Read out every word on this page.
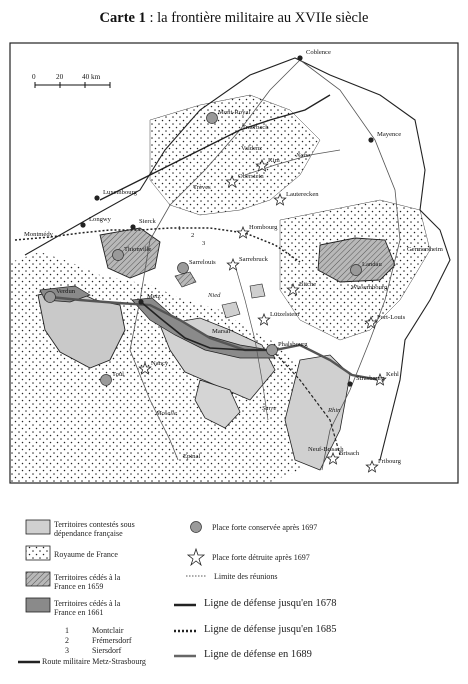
Carte 1 : la frontière militaire au XVIIe siècle
0	20	40 km
Coblence
Mayence
Mont-Royal
Traerbach
Valdenz
Kim
Oberstein
Lauterecken
Luxembourg
Trèves
Longwy	Sierck
Montmédy
Thionville
Hombourg
Sarrelouis	Sarrebruck
Bitche
Landau
Germersheim
Wissembourg
Verdun
Metz
Lützelstein	Fort-Louis
Marsal
Phalsbourg
Nancy
Kehl
Toul
Strasbourg
Neuf-Brisach
Brisach
Epinal
Fribourg
Nahe
Rhin
Moselle
Nied
Sarre
1
2
3
Territoires contestés sous dépendance française
Royaume de France
Territoires cédés à la France en 1659
Territoires cédés à la France en 1661
1	Montclair
2	Frémersdorf
3	Siersdorf
Route militaire Metz-Strasbourg
Place forte conservée après 1697
Place forte détruite après 1697
Limite des réunions
Ligne de défense jusqu'en 1678
Ligne de défense jusqu'en 1685
Ligne de défense en 1689
